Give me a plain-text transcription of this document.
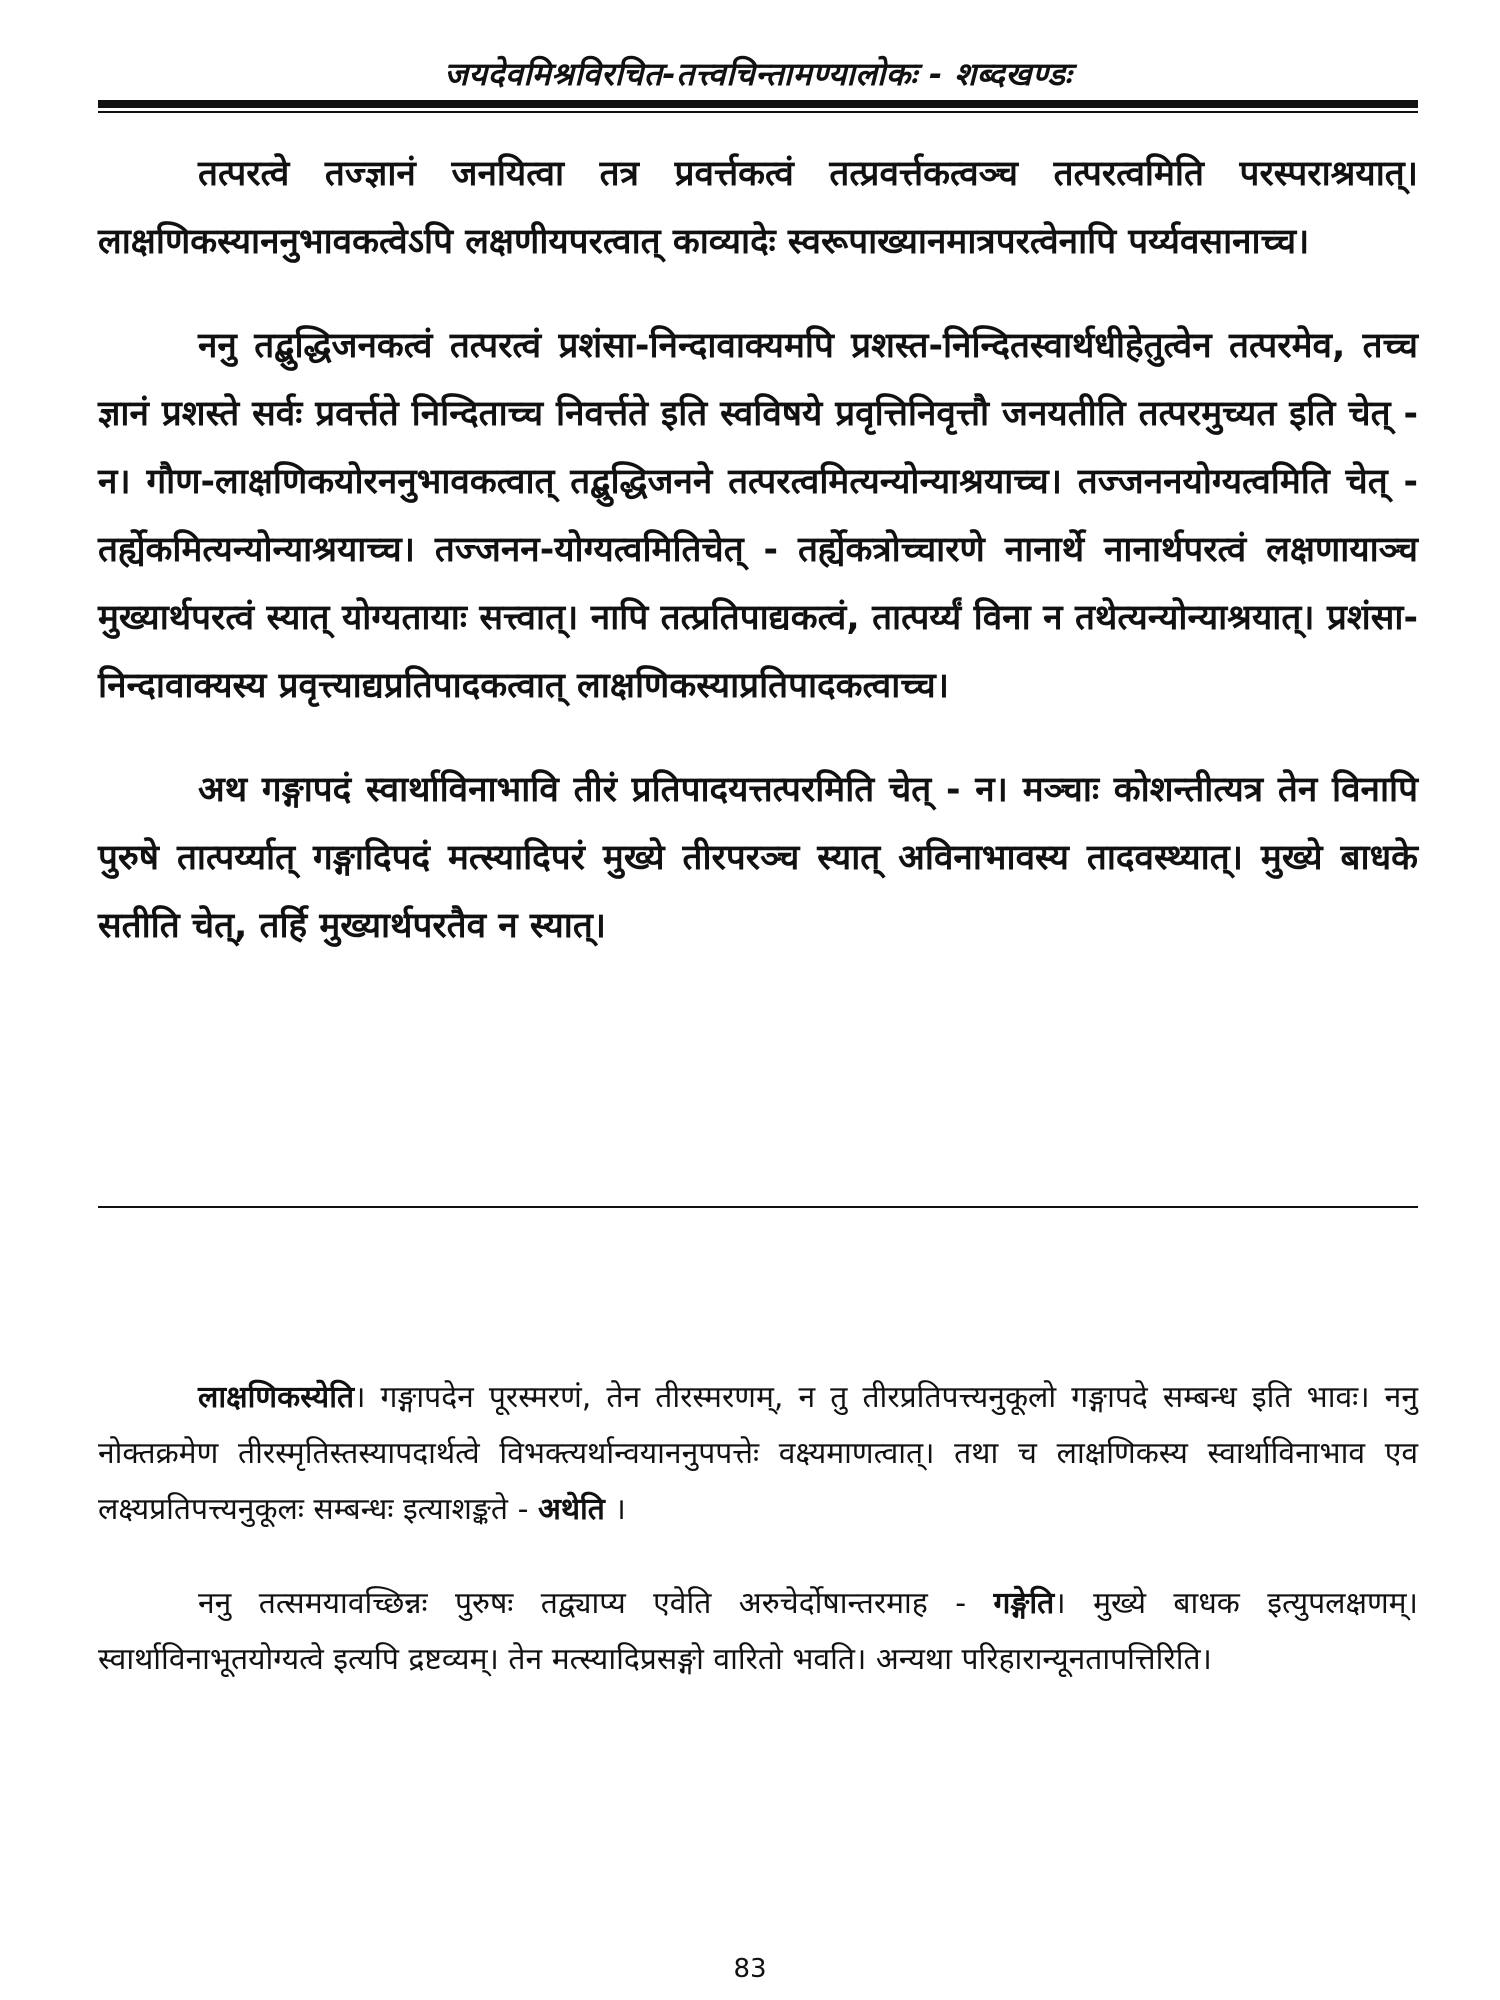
जयदेवमिश्रविरचित-तत्त्वचिन्तामण्यालोकः - शब्दखण्डः

तत्परत्वे तज्ज्ञानं जनयित्वा तत्र प्रवर्त्तकत्वं तत्प्रवर्त्तकत्वञ्च तत्परत्वमिति परस्पराश्रयात्। लाक्षणिकस्याननुभावकत्वेऽपि लक्षणीयपरत्वात् काव्यादेः स्वरूपाख्यानमात्रपरत्वेनापि पर्य्यवसानाच्च।

ननु तद्बुद्धिजनकत्वं तत्परत्वं प्रशंसा-निन्दावाक्यमपि प्रशस्त-निन्दितस्वार्थधीहेतुत्वेन तत्परमेव, तच्च ज्ञानं प्रशस्ते सर्वः प्रवर्त्तते निन्दिताच्च निवर्त्तते इति स्वविषये प्रवृत्तिनिवृत्तौ जनयतीति तत्परमुच्यत इति चेत् - न। गौण-लाक्षणिकयोरननुभावकत्वात् तद्बुद्धिजनने तत्परत्वमित्यन्योन्याश्रयाच्च। तज्जननयोग्यत्वमिति चेत् - तर्ह्येकमित्यन्योन्याश्रयाच्च। तज्जनन-योग्यत्वमितिचेत् - तर्ह्येकत्रोच्चारणे नानार्थे नानार्थपरत्वं लक्षणायाञ्च मुख्यार्थपरत्वं स्यात् योग्यतायाः सत्त्वात्। नापि तत्प्रतिपाद्यकत्वं, तात्पर्य्यं विना न तथेत्यन्योन्याश्रयात्। प्रशंसा-निन्दावाक्यस्य प्रवृत्त्याद्यप्रतिपादकत्वात् लाक्षणिकस्याप्रतिपादकत्वाच्च।

अथ गङ्गापदं स्वार्थाविनाभावि तीरं प्रतिपादयत्तत्परमिति चेत् - न। मञ्चाः कोशन्तीत्यत्र तेन विनापि पुरुषे तात्पर्य्यात् गङ्गादिपदं मत्स्यादिपरं मुख्ये तीरपरञ्च स्यात् अविनाभावस्य तादवस्थ्यात्। मुख्ये बाधके सतीति चेत्, तर्हि मुख्यार्थपरतैव न स्यात्।

लाक्षणिकस्येति। गङ्गापदेन पूरस्मरणं, तेन तीरस्मरणम्, न तु तीरप्रतिपत्त्यनुकूलो गङ्गापदे सम्बन्ध इति भावः। ननु नोक्तक्रमेण तीरस्मृतिस्तस्यापदार्थत्वे विभक्त्यर्थान्वयाननुपपत्तेः वक्ष्यमाणत्वात्। तथा च लाक्षणिकस्य स्वार्थाविनाभाव एव लक्ष्यप्रतिपत्त्यनुकूलः सम्बन्धः इत्याशङ्कते - अथेति ।

ननु तत्समयावच्छिन्नः पुरुषः तद्व्याप्य एवेति अरुचेर्दोषान्तरमाह - गङ्गेति। मुख्ये बाधक इत्युपलक्षणम्। स्वार्थाविनाभूतयोग्यत्वे इत्यपि द्रष्टव्यम्। तेन मत्स्यादिप्रसङ्गो वारितो भवति। अन्यथा परिहारान्यूनतापत्तिरिति।

83
